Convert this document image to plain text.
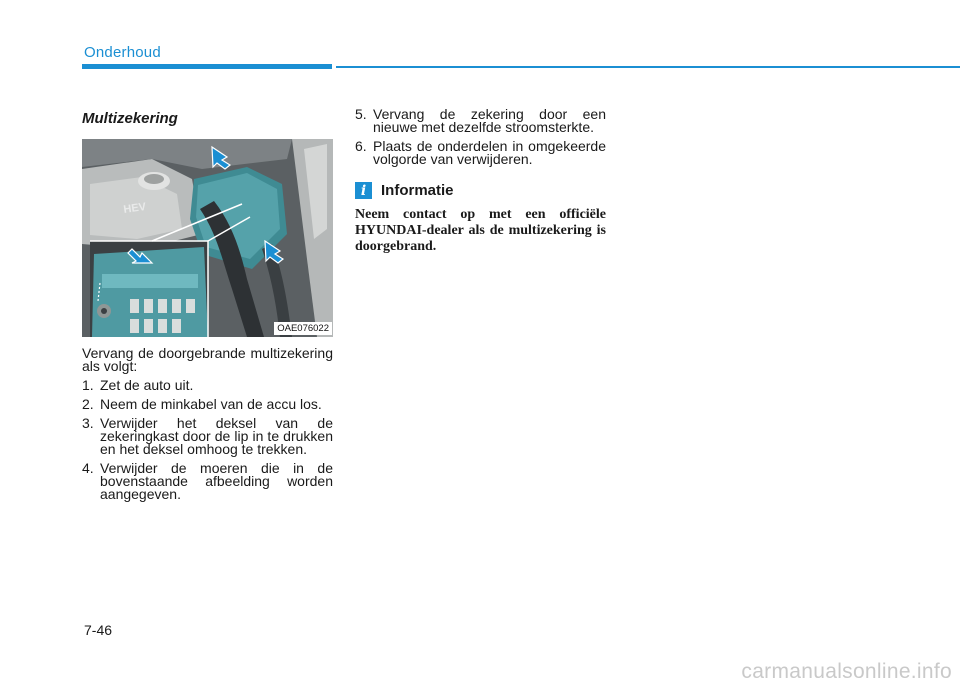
Onderhoud
Multizekering
HEV
OAE076022

Vervang de doorgebrande multizekering als volgt:

1. Zet de auto uit.
2. Neem de minkabel van de accu los.
3. Verwijder het deksel van de zekeringkast door de lip in te drukken en het deksel omhoog te trekken.
4. Verwijder de moeren die in de bovenstaande afbeelding worden aangegeven.
5. Vervang de zekering door een nieuwe met dezelfde stroomsterkte.
6. Plaats de onderdelen in omgekeerde volgorde van verwijderen.
i Informatie
Neem contact op met een officiële HYUNDAI-dealer als de multizekering is doorgebrand.
7-46
carmanualsonline.info
